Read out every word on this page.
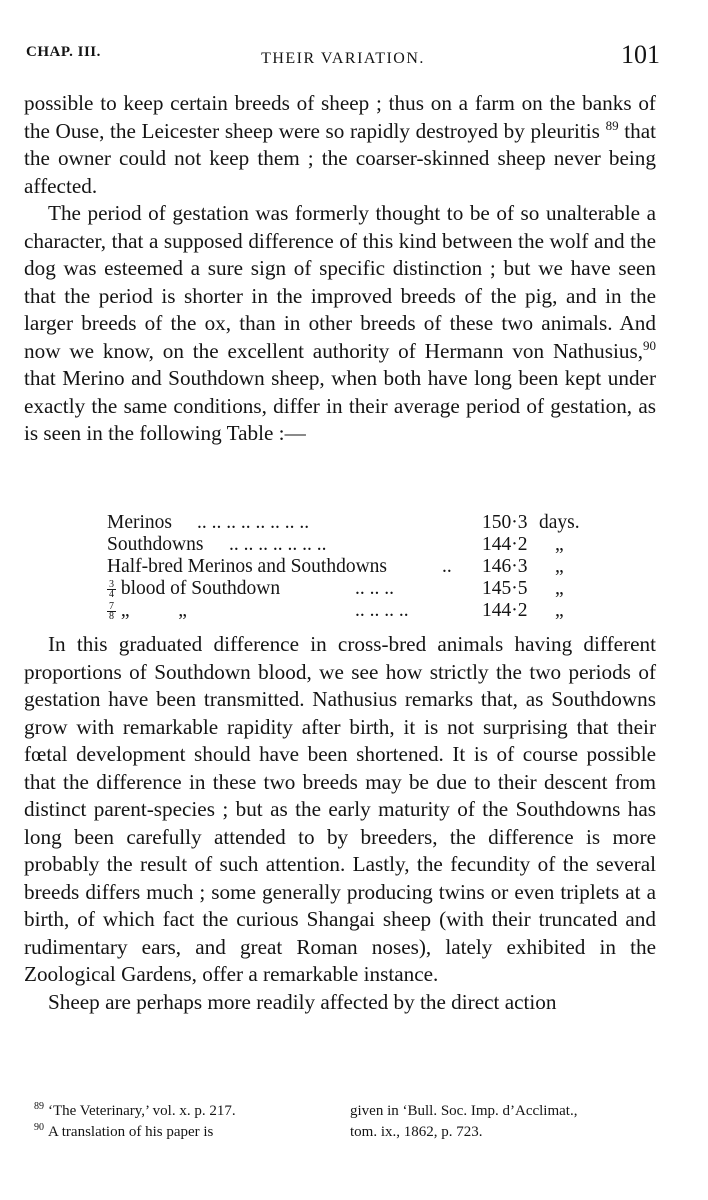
CHAP. III.	THEIR VARIATION.	101

possible to keep certain breeds of sheep ; thus on a farm on the banks of the Ouse, the Leicester sheep were so rapidly destroyed by pleuritis $^{89}$ that the owner could not keep them ; the coarser-skinned sheep never being affected.

The period of gestation was formerly thought to be of so unalterable a character, that a supposed difference of this kind between the wolf and the dog was esteemed a sure sign of specific distinction ; but we have seen that the period is shorter in the improved breeds of the pig, and in the larger breeds of the ox, than in other breeds of these two animals. And now we know, on the excellent authority of Hermann von Nathusius,$^{90}$ that Merino and Southdown sheep, when both have long been kept under exactly the same conditions, differ in their average period of gestation, as is seen in the following Table :—

Merinos .. .. .. .. .. .. .. ..	150·3 days.
Southdowns .. .. .. .. .. .. ..	144·2 „
Half-bred Merinos and Southdowns	.. 146·3 „
$\frac{3}{4}$ blood of Southdown	.. .. ..	145·5 „
$\frac{7}{8}$ „          „	.. .. .. ..	144·2 „

In this graduated difference in cross-bred animals having different proportions of Southdown blood, we see how strictly the two periods of gestation have been transmitted. Nathusius remarks that, as Southdowns grow with remarkable rapidity after birth, it is not surprising that their fœtal development should have been shortened. It is of course possible that the difference in these two breeds may be due to their descent from distinct parent-species ; but as the early maturity of the Southdowns has long been carefully attended to by breeders, the difference is more probably the result of such attention. Lastly, the fecundity of the several breeds differs much ; some generally producing twins or even triplets at a birth, of which fact the curious Shangai sheep (with their truncated and rudimentary ears, and great Roman noses), lately exhibited in the Zoological Gardens, offer a remarkable instance.

Sheep are perhaps more readily affected by the direct action

$^{89}$ ‘The Veterinary,’ vol. x. p. 217.
$^{90}$ A translation of his paper is
given in ‘Bull. Soc. Imp. d’Acclimat.,
tom. ix., 1862, p. 723.
